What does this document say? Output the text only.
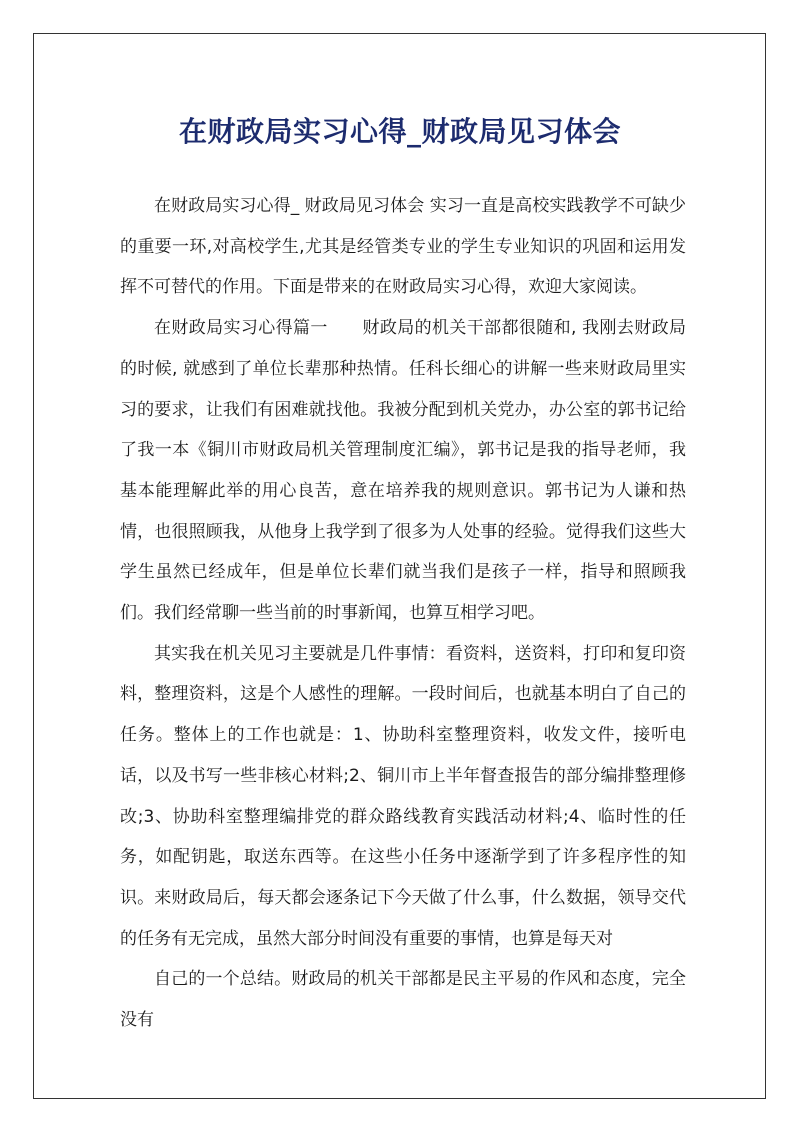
在财政局实习心得_财政局见习体会

在财政局实习心得_ 财政局见习体会 实习一直是高校实践教学不可缺少的重要一环,对高校学生,尤其是经管类专业的学生专业知识的巩固和运用发挥不可替代的作用。下面是带来的在财政局实习心得，欢迎大家阅读。

在财政局实习心得篇一　　财政局的机关干部都很随和, 我刚去财政局的时候, 就感到了单位长辈那种热情。任科长细心的讲解一些来财政局里实习的要求，让我们有困难就找他。我被分配到机关党办，办公室的郭书记给了我一本《铜川市财政局机关管理制度汇编》，郭书记是我的指导老师，我基本能理解此举的用心良苦，意在培养我的规则意识。郭书记为人谦和热情，也很照顾我，从他身上我学到了很多为人处事的经验。觉得我们这些大学生虽然已经成年，但是单位长辈们就当我们是孩子一样，指导和照顾我们。我们经常聊一些当前的时事新闻，也算互相学习吧。

其实我在机关见习主要就是几件事情：看资料，送资料，打印和复印资料，整理资料，这是个人感性的理解。一段时间后，也就基本明白了自己的任务。整体上的工作也就是：1、协助科室整理资料，收发文件，接听电话，以及书写一些非核心材料;2、铜川市上半年督查报告的部分编排整理修改;3、协助科室整理编排党的群众路线教育实践活动材料;4、临时性的任务，如配钥匙，取送东西等。在这些小任务中逐渐学到了许多程序性的知识。来财政局后，每天都会逐条记下今天做了什么事，什么数据，领导交代的任务有无完成，虽然大部分时间没有重要的事情，也算是每天对

自己的一个总结。财政局的机关干部都是民主平易的作风和态度，完全没有
